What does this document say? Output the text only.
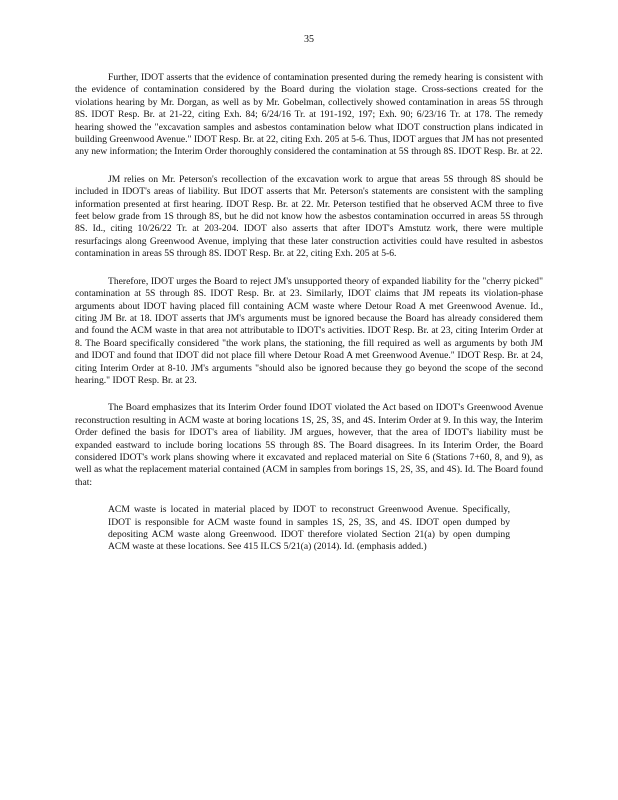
35

Further, IDOT asserts that the evidence of contamination presented during the remedy hearing is consistent with the evidence of contamination considered by the Board during the violation stage. Cross-sections created for the violations hearing by Mr. Dorgan, as well as by Mr. Gobelman, collectively showed contamination in areas 5S through 8S. IDOT Resp. Br. at 21-22, citing Exh. 84; 6/24/16 Tr. at 191-192, 197; Exh. 90; 6/23/16 Tr. at 178. The remedy hearing showed the "excavation samples and asbestos contamination below what IDOT construction plans indicated in building Greenwood Avenue." IDOT Resp. Br. at 22, citing Exh. 205 at 5-6. Thus, IDOT argues that JM has not presented any new information; the Interim Order thoroughly considered the contamination at 5S through 8S. IDOT Resp. Br. at 22.

JM relies on Mr. Peterson's recollection of the excavation work to argue that areas 5S through 8S should be included in IDOT's areas of liability. But IDOT asserts that Mr. Peterson's statements are consistent with the sampling information presented at first hearing. IDOT Resp. Br. at 22. Mr. Peterson testified that he observed ACM three to five feet below grade from 1S through 8S, but he did not know how the asbestos contamination occurred in areas 5S through 8S. Id., citing 10/26/22 Tr. at 203-204. IDOT also asserts that after IDOT's Amstutz work, there were multiple resurfacings along Greenwood Avenue, implying that these later construction activities could have resulted in asbestos contamination in areas 5S through 8S. IDOT Resp. Br. at 22, citing Exh. 205 at 5-6.

Therefore, IDOT urges the Board to reject JM's unsupported theory of expanded liability for the "cherry picked" contamination at 5S through 8S. IDOT Resp. Br. at 23. Similarly, IDOT claims that JM repeats its violation-phase arguments about IDOT having placed fill containing ACM waste where Detour Road A met Greenwood Avenue. Id., citing JM Br. at 18. IDOT asserts that JM's arguments must be ignored because the Board has already considered them and found the ACM waste in that area not attributable to IDOT's activities. IDOT Resp. Br. at 23, citing Interim Order at 8. The Board specifically considered "the work plans, the stationing, the fill required as well as arguments by both JM and IDOT and found that IDOT did not place fill where Detour Road A met Greenwood Avenue." IDOT Resp. Br. at 24, citing Interim Order at 8-10. JM's arguments "should also be ignored because they go beyond the scope of the second hearing." IDOT Resp. Br. at 23.

The Board emphasizes that its Interim Order found IDOT violated the Act based on IDOT's Greenwood Avenue reconstruction resulting in ACM waste at boring locations 1S, 2S, 3S, and 4S. Interim Order at 9. In this way, the Interim Order defined the basis for IDOT's area of liability. JM argues, however, that the area of IDOT's liability must be expanded eastward to include boring locations 5S through 8S. The Board disagrees. In its Interim Order, the Board considered IDOT's work plans showing where it excavated and replaced material on Site 6 (Stations 7+60, 8, and 9), as well as what the replacement material contained (ACM in samples from borings 1S, 2S, 3S, and 4S). Id. The Board found that:

ACM waste is located in material placed by IDOT to reconstruct Greenwood Avenue. Specifically, IDOT is responsible for ACM waste found in samples 1S, 2S, 3S, and 4S. IDOT open dumped by depositing ACM waste along Greenwood. IDOT therefore violated Section 21(a) by open dumping ACM waste at these locations. See 415 ILCS 5/21(a) (2014). Id. (emphasis added.)
